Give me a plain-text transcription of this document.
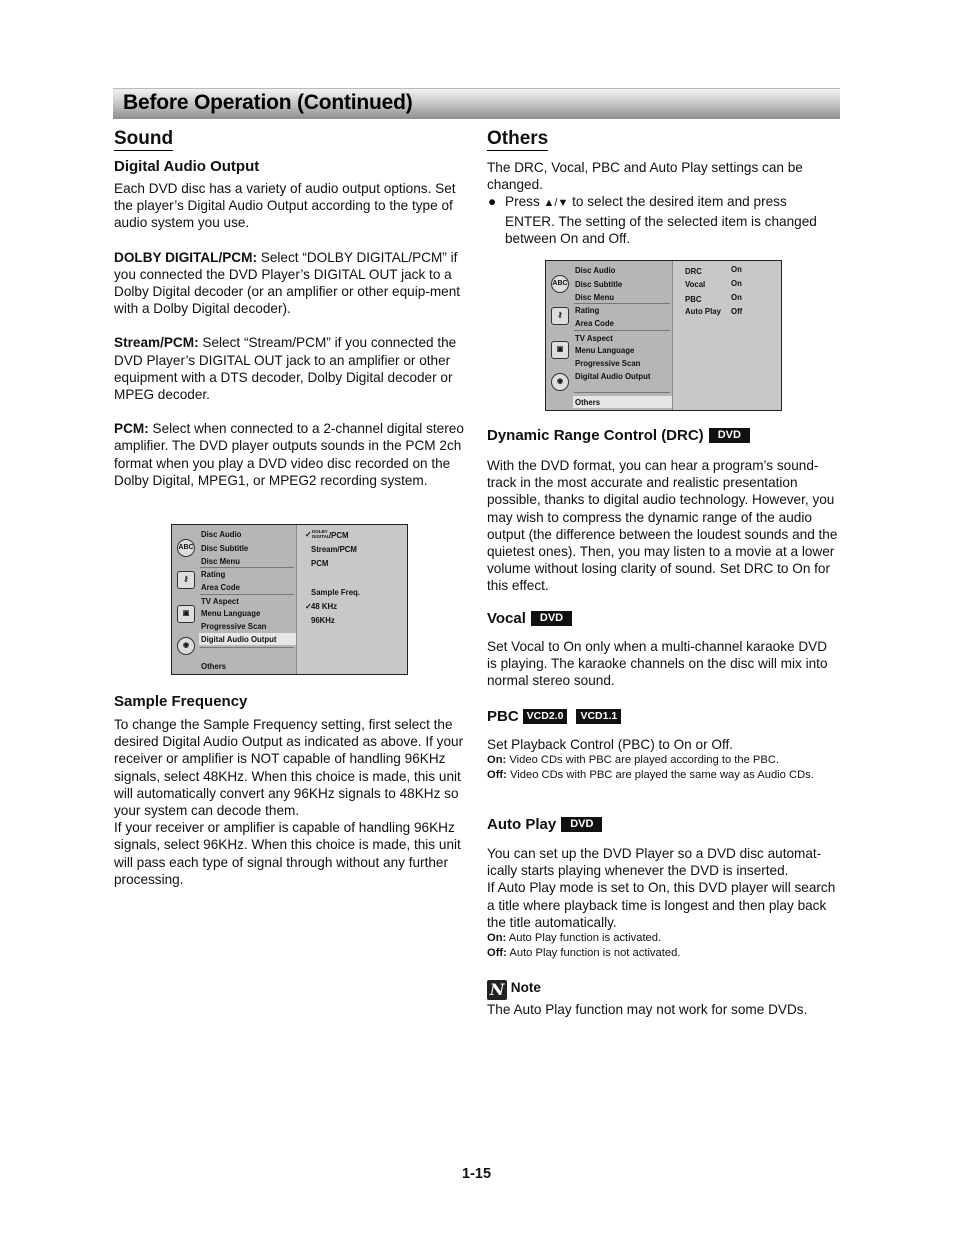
Before Operation (Continued)
Sound
Digital Audio Output

Each DVD disc has a variety of audio output options. Set the player’s Digital Audio Output according to the type of audio system you use.

DOLBY DIGITAL/PCM: Select “DOLBY DIGITAL/PCM” if you connected the DVD Player’s DIGITAL OUT jack to a Dolby Digital decoder (or an amplifier or other equip-ment with a Dolby Digital decoder).

Stream/PCM: Select “Stream/PCM” if you connected the DVD Player’s DIGITAL OUT jack to an amplifier or other equipment with a DTS decoder, Dolby Digital decoder or MPEG decoder.

PCM: Select when connected to a 2-channel digital stereo amplifier. The DVD player outputs sounds in the PCM 2ch format when you play a DVD video disc recorded on the Dolby Digital, MPEG1, or MPEG2 recording system.

ABC
⚷
▣
◉
Disc Audio
Disc Subtitle
Disc Menu
Rating
Area Code
TV Aspect
Menu Language
Progressive Scan
Digital Audio Output
Others
✓ DOLBY
DIGITAL /PCM
Stream/PCM
PCM
Sample Freq.
✓ 48 KHz
96KHz
Sample Frequency

To change the Sample Frequency setting, first select the desired Digital Audio Output as indicated as above. If your receiver or amplifier is NOT capable of handling 96KHz signals, select 48KHz. When this choice is made, this unit will automatically convert any 96KHz signals to 48KHz so your system can decode them.

If your receiver or amplifier is capable of handling 96KHz signals, select 96KHz. When this choice is made, this unit will pass each type of signal through without any further processing.

Others

The DRC, Vocal, PBC and Auto Play settings can be changed.

● Press ▲/▼ to select the desired item and press ENTER. The setting of the selected item is changed between On and Off.

ABC
⚷
▣
◉
Disc Audio
Disc Subtitle
Disc Menu
Rating
Area Code
TV Aspect
Menu Language
Progressive Scan
Digital Audio Output
Others
DRC	On
Vocal	On
PBC	On
Auto Play Off
Dynamic Range Control (DRC) DVD

With the DVD format, you can hear a program’s sound-track in the most accurate and realistic presentation possible, thanks to digital audio technology. However, you may wish to compress the dynamic range of the audio output (the difference between the loudest sounds and the quietest ones). Then, you may listen to a movie at a lower volume without losing clarity of sound. Set DRC to On for this effect.

Vocal DVD

Set Vocal to On only when a multi-channel karaoke DVD is playing. The karaoke channels on the disc will mix into normal stereo sound.

PBC VCD2.0 VCD1.1

Set Playback Control (PBC) to On or Off.

On: Video CDs with PBC are played according to the PBC.

Off: Video CDs with PBC are played the same way as Audio CDs.

Auto Play DVD

You can set up the DVD Player so a DVD disc automat-ically starts playing whenever the DVD is inserted.

If Auto Play mode is set to On, this DVD player will search a title where playback time is longest and then play back the title automatically.

On: Auto Play function is activated.

Off: Auto Play function is not activated.

N Note

The Auto Play function may not work for some DVDs.

1-15
